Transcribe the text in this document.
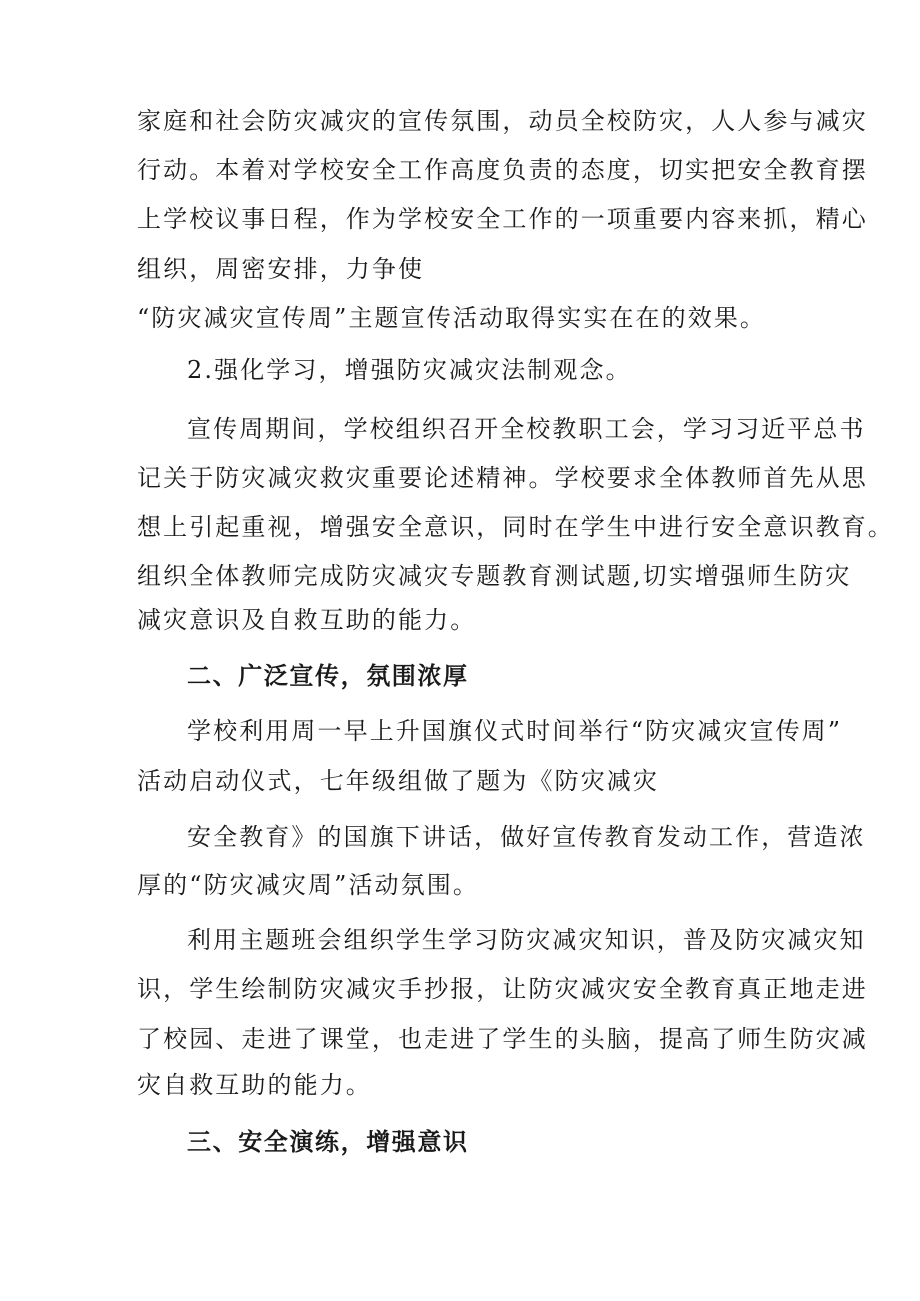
家庭和社会防灾减灾的宣传氛围，动员全校防灾，人人参与减灾
行动。本着对学校安全工作高度负责的态度，切实把安全教育摆
上学校议事日程，作为学校安全工作的一项重要内容来抓，精心
组织，周密安排，力争使
“防灾减灾宣传周”主题宣传活动取得实实在在的效果。
2.强化学习，增强防灾减灾法制观念。
宣传周期间，学校组织召开全校教职工会，学习习近平总书
记关于防灾减灾救灾重要论述精神。学校要求全体教师首先从思
想上引起重视，增强安全意识，同时在学生中进行安全意识教育。
组织全体教师完成防灾减灾专题教育测试题,切实增强师生防灾
减灾意识及自救互助的能力。
二、广泛宣传，氛围浓厚
学校利用周一早上升国旗仪式时间举行“防灾减灾宣传周”
活动启动仪式，七年级组做了题为《防灾减灾
安全教育》的国旗下讲话，做好宣传教育发动工作，营造浓
厚的“防灾减灾周”活动氛围。
利用主题班会组织学生学习防灾减灾知识，普及防灾减灾知
识，学生绘制防灾减灾手抄报，让防灾减灾安全教育真正地走进
了校园、走进了课堂，也走进了学生的头脑，提高了师生防灾减
灾自救互助的能力。
三、安全演练，增强意识
